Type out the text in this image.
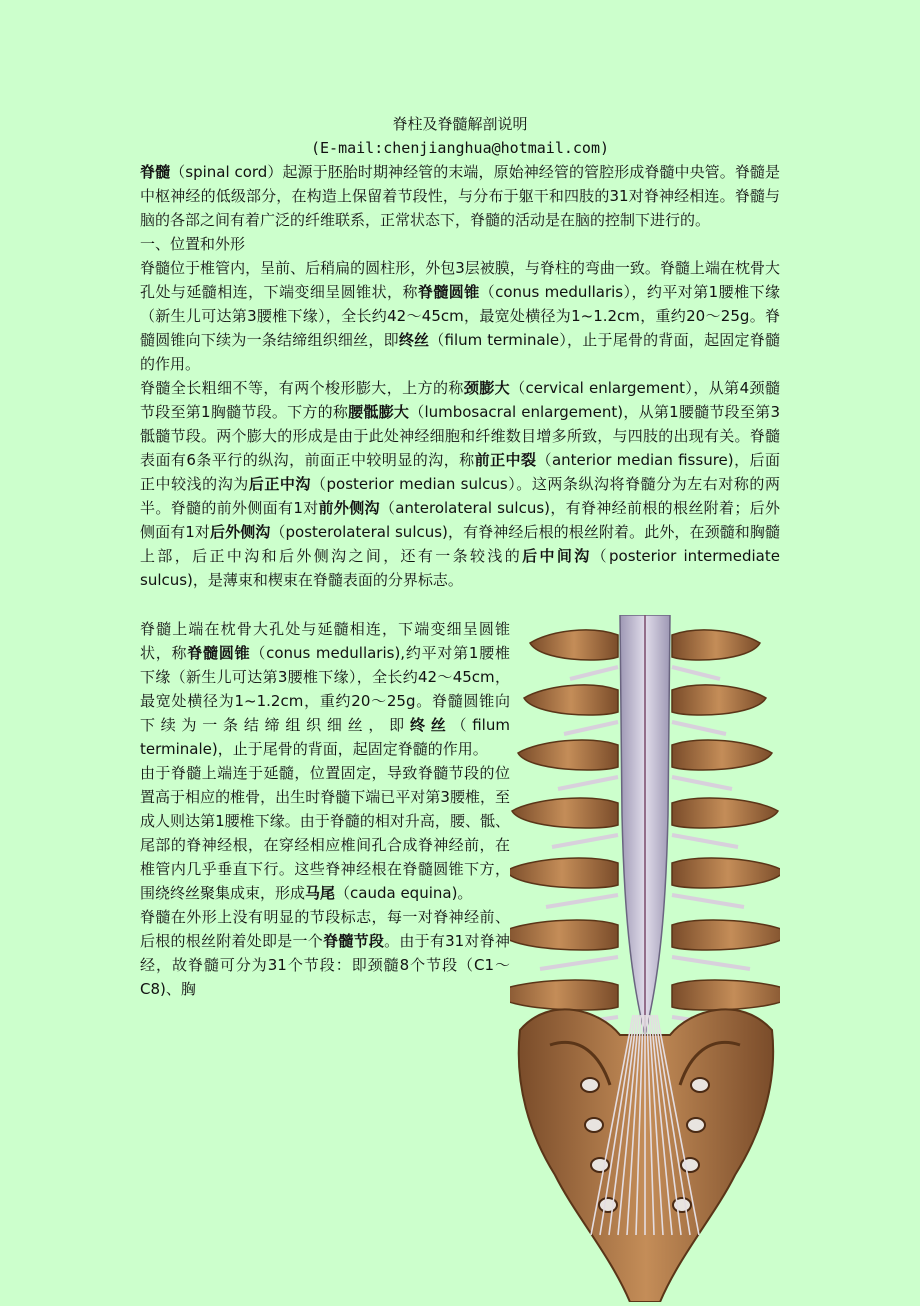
脊柱及脊髓解剖说明
(E-mail:chenjianghua@hotmail.com)

脊髓（spinal cord）起源于胚胎时期神经管的末端，原始神经管的管腔形成脊髓中央管。脊髓是中枢神经的低级部分，在构造上保留着节段性，与分布于躯干和四肢的31对脊神经相连。脊髓与脑的各部之间有着广泛的纤维联系，正常状态下，脊髓的活动是在脑的控制下进行的。

一、位置和外形

脊髓位于椎管内，呈前、后稍扁的圆柱形，外包3层被膜，与脊柱的弯曲一致。脊髓上端在枕骨大孔处与延髓相连，下端变细呈圆锥状，称脊髓圆锥（conus medullaris），约平对第1腰椎下缘（新生儿可达第3腰椎下缘），全长约42～45cm，最宽处横径为1~1.2cm，重约20～25g。脊髓圆锥向下续为一条结缔组织细丝，即终丝（filum terminale），止于尾骨的背面，起固定脊髓的作用。

脊髓全长粗细不等，有两个梭形膨大，上方的称颈膨大（cervical enlargement），从第4颈髓节段至第1胸髓节段。下方的称腰骶膨大（lumbosacral enlargement)，从第1腰髓节段至第3骶髓节段。两个膨大的形成是由于此处神经细胞和纤维数目增多所致，与四肢的出现有关。脊髓表面有6条平行的纵沟，前面正中较明显的沟，称前正中裂（anterior median fissure)，后面正中较浅的沟为后正中沟（posterior median sulcus）。这两条纵沟将脊髓分为左右对称的两半。脊髓的前外侧面有1对前外侧沟（anterolateral sulcus)，有脊神经前根的根丝附着；后外侧面有1对后外侧沟（posterolateral sulcus)，有脊神经后根的根丝附着。此外，在颈髓和胸髓上部，后正中沟和后外侧沟之间，还有一条较浅的后中间沟（posterior intermediate sulcus)，是薄束和楔束在脊髓表面的分界标志。

脊髓上端在枕骨大孔处与延髓相连，下端变细呈圆锥状，称脊髓圆锥（conus medullaris),约平对第1腰椎下缘（新生儿可达第3腰椎下缘），全长约42～45cm，最宽处横径为1~1.2cm，重约20～25g。脊髓圆锥向下续为一条结缔组织细丝，即终丝（filum terminale)，止于尾骨的背面，起固定脊髓的作用。

由于脊髓上端连于延髓，位置固定，导致脊髓节段的位置高于相应的椎骨，出生时脊髓下端已平对第3腰椎，至成人则达第1腰椎下缘。由于脊髓的相对升高，腰、骶、尾部的脊神经根，在穿经相应椎间孔合成脊神经前，在椎管内几乎垂直下行。这些脊神经根在脊髓圆锥下方，围绕终丝聚集成束，形成马尾（cauda equina)。

脊髓在外形上没有明显的节段标志，每一对脊神经前、后根的根丝附着处即是一个脊髓节段。由于有31对脊神经，故脊髓可分为31个节段：即颈髓8个节段（C1～C8)、胸
